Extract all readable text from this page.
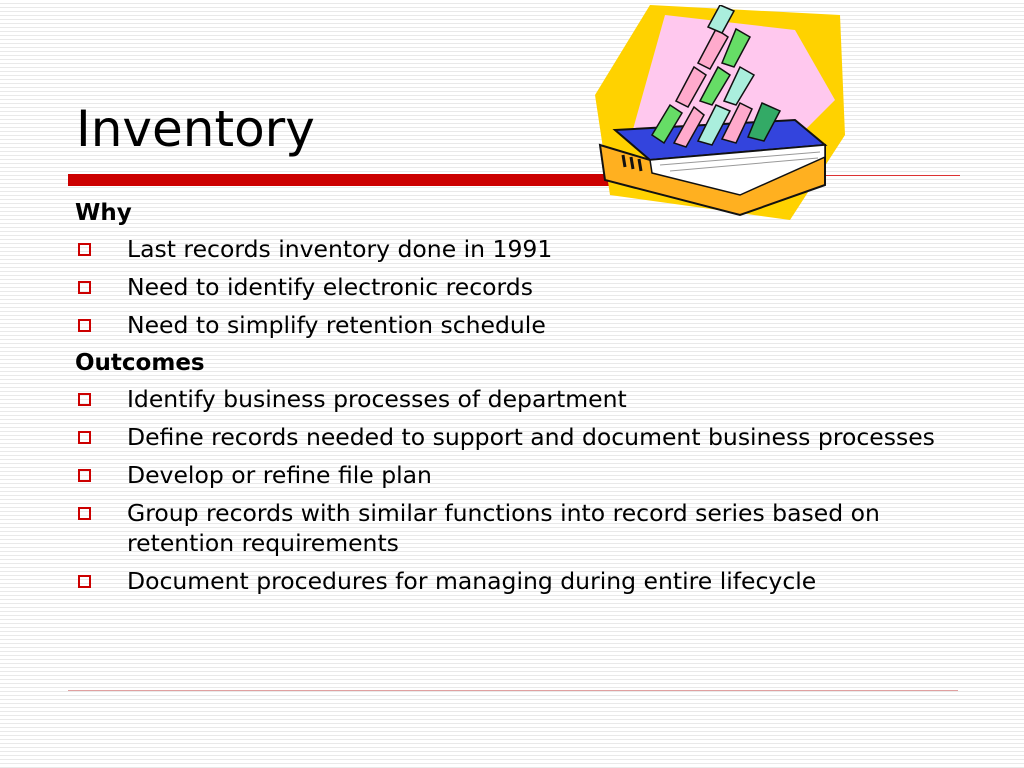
Inventory
Why
Last records inventory done in 1991
Need to identify electronic records
Need to simplify retention schedule
Outcomes
Identify business processes of department
Define records needed to support and document business processes
Develop or refine file plan
Group records with similar functions into record series based on retention requirements
Document procedures for managing during entire lifecycle
